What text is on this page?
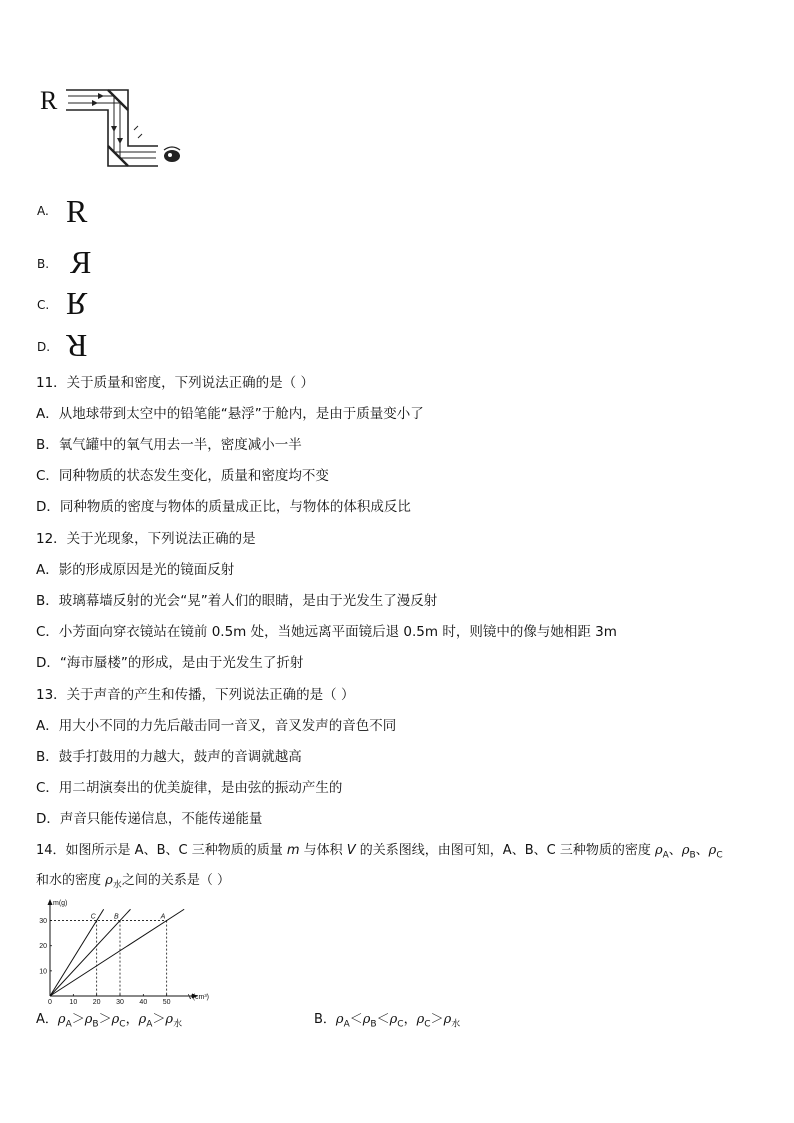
R
A. R
B. R
C. R
D. R
11．关于质量和密度，下列说法正确的是（ ）
A．从地球带到太空中的铅笔能“悬浮”于舱内，是由于质量变小了
B．氧气罐中的氧气用去一半，密度减小一半
C．同种物质的状态发生变化，质量和密度均不变
D．同种物质的密度与物体的质量成正比，与物体的体积成反比
12．关于光现象，下列说法正确的是
A．影的形成原因是光的镜面反射
B．玻璃幕墙反射的光会“晃”着人们的眼睛，是由于光发生了漫反射
C．小芳面向穿衣镜站在镜前 0.5m 处，当她远离平面镜后退 0.5m 时，则镜中的像与她相距 3m
D．“海市蜃楼”的形成，是由于光发生了折射
13．关于声音的产生和传播，下列说法正确的是（ ）
A．用大小不同的力先后敲击同一音叉，音叉发声的音色不同
B．鼓手打鼓用的力越大，鼓声的音调就越高
C．用二胡演奏出的优美旋律，是由弦的振动产生的
D．声音只能传递信息，不能传递能量
14．如图所示是 A、B、C 三种物质的质量 m 与体积 V 的关系图线，由图可知，A、B、C 三种物质的密度 $\rho_A$、$\rho_B$、$\rho_C$
和水的密度 $\rho_水$之间的关系是（ ）
V(cm³)
m(g)
0 10 20 30 40 50
10
20
30
C	B	A
A．$\rho_A>\rho_B>\rho_C$，$\rho_A>\rho_水$	B．$\rho_A<\rho_B<\rho_C$，$\rho_C>\rho_水$
